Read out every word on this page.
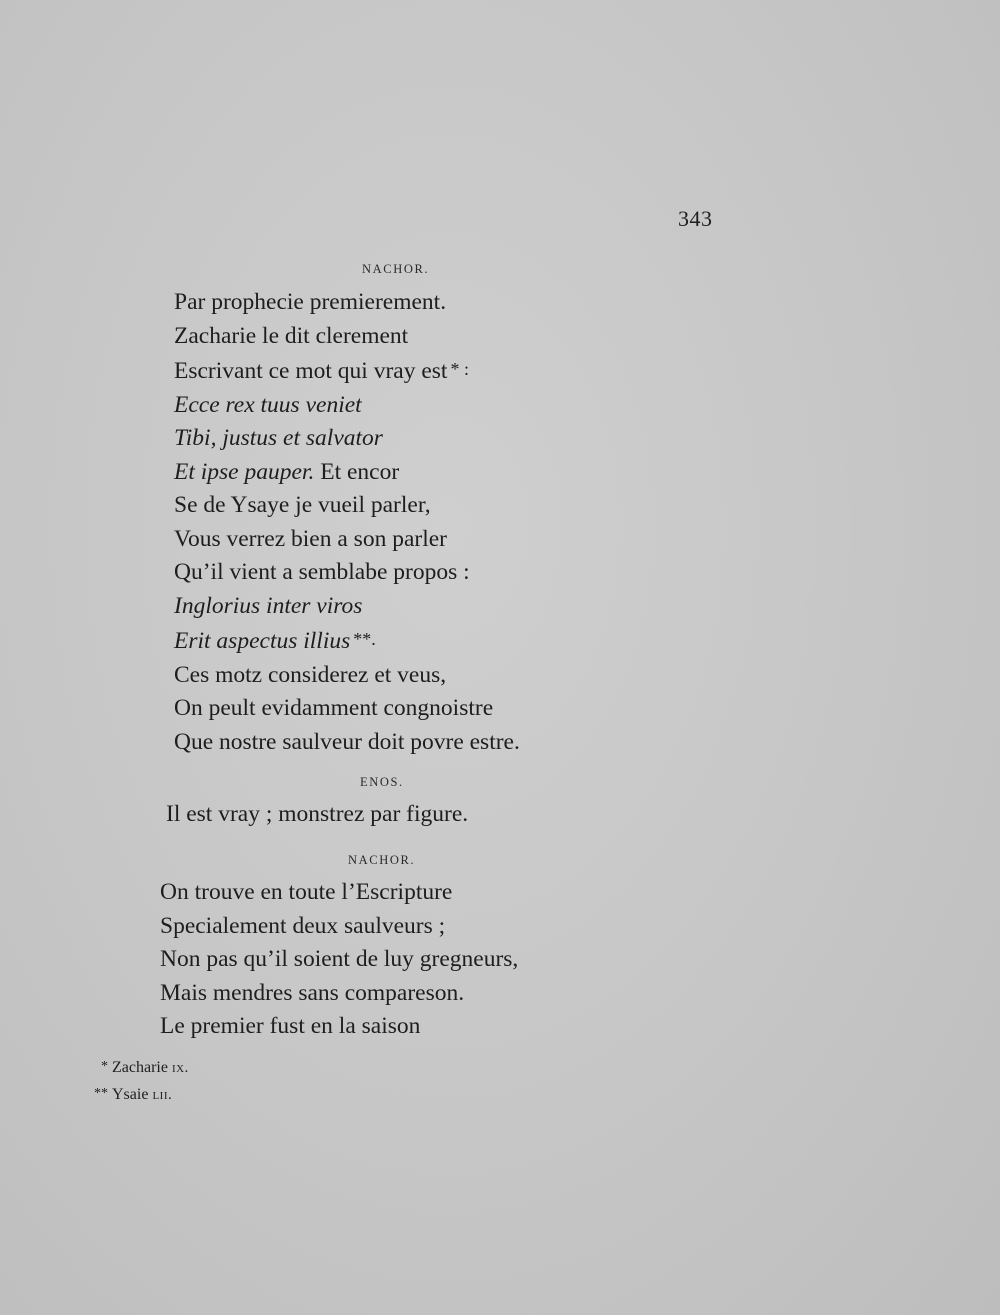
343
NACHOR.
Par prophecie premierement.
Zacharie le dit clerement
Escrivant ce mot qui vray est * :
Ecce rex tuus veniet
Tibi, justus et salvator
Et ipse pauper. Et encor
Se de Ysaye je vueil parler,
Vous verrez bien a son parler
Qu’il vient a semblabe propos :
Inglorius inter viros
Erit aspectus illius **.
Ces motz considerez et veus,
On peult evidamment congnoistre
Que nostre saulveur doit povre estre.
ENOS.
Il est vray ; monstrez par figure.
NACHOR.
On trouve en toute l’Escripture
Specialement deux saulveurs ;
Non pas qu’il soient de luy gregneurs,
Mais mendres sans compareson.
Le premier fust en la saison
* Zacharie ix.
** Ysaie lii.
